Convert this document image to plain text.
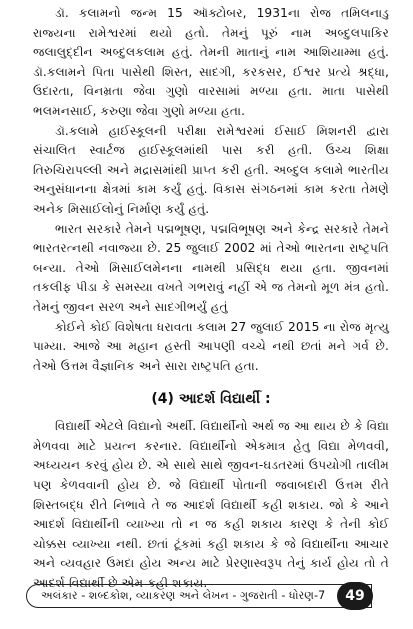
ડૉ. કલામનો જન્મ 15 ઑક્ટોબર, 1931ના રોજ તમિલનાડુ રાજ્યના રામેશ્વરમાં થયો હતો. તેમનું પૂરું નામ અબ્દુલપાકિર જલાલુદ્દીન અબ્દુલકલામ હતું. તેમની માતાનું નામ આશિયામ્મા હતું. ડૉ.કલામને પિતા પાસેથી શિસ્ત, સાદગી, કરકસર, ઈશ્વર પ્રત્યે શ્રદ્ધા, ઉદારતા, વિનમ્રતા જેવા ગુણો વારસામાં મળ્યા હતા. માતા પાસેથી ભલમનસાઈ, કરુણા જેવા ગુણો મળ્યા હતા.

ડૉ.કલામે હાઈસ્કૂલની પરીક્ષા રામેશ્વરમાં ઈસાઈ મિશનરી દ્વારા સંચાલિત સ્વાર્ટજ હાઈસ્કૂલમાંથી પાસ કરી હતી. ઉચ્ચ શિક્ષા તિરુચિરાપલ્લી અને મદ્રાસમાંથી પ્રાપ્ત કરી હતી. અબ્દુલ કલામે ભારતીય અનુસંધાનના ક્ષેત્રમાં કામ કર્યું હતું. વિકાસ સંગઠનમાં કામ કરતા તેમણે અનેક મિસાઈલોનું નિર્માણ કર્યું હતું.

ભારત સરકારે તેમને પદ્મભૂષણ, પદ્મવિભૂષણ અને કેન્દ્ર સરકારે તેમને ભારતરત્નથી નવાજ્યા છે. 25 જુલાઈ 2002 માં તેઓ ભારતના રાષ્ટ્રપતિ બન્યા. તેઓ મિસાઈલમેનના નામથી પ્રસિદ્ધ થયા હતા. જીવનમાં તકલીફ પીડા કે સમસ્યા વખતે ગભરાવું નહીં એ જ તેમનો મૂળ મંત્ર હતો. તેમનું જીવન સરળ અને સાદગીભર્યું હતું

કોઈને કોઈ વિશેષતા ધરાવતા કલામ 27 જુલાઈ 2015 ના રોજ મૃત્યુ પામ્યા. આજે આ મહાન હસ્તી આપણી વચ્ચે નથી છતાં મને ગર્વ છે. તેઓ ઉત્તમ વૈજ્ઞાનિક અને સારા રાષ્ટ્રપતિ હતા.

(4) આદર્શ વિદ્યાર્થી :

વિદ્યાર્થી એટલે વિદ્યાનો અર્થી. વિદ્યાર્થીનો અર્થ જ આ થાય છે કે વિદ્યા મેળવવા માટે પ્રયત્ન કરનાર. વિદ્યાર્થીનો એકમાત્ર હેતુ વિદ્યા મેળવવી, અધ્યયન કરવું હોય છે. એ સાથે સાથે જીવન-ઘડતરમાં ઉપયોગી તાલીમ પણ કેળવવાની હોય છે. જે વિદ્યાર્થી પોતાની જવાબદારી ઉત્તમ રીતે શિસ્તબદ્ધ રીતે નિભાવે તે જ આદર્શ વિદ્યાર્થી કહી શકાય. જો કે આને આદર્શ વિદ્યાર્થીની વ્યાખ્યા તો ન જ કહી શકાય કારણ કે તેની કોઈ ચોક્કસ વ્યાખ્યા નથી. છતાં ટૂંકમાં કહી શકાય કે જે વિદ્યાર્થીના આચાર અને વ્યવહાર ઉમદા હોય અન્ય માટે પ્રેરણાસ્વરૂપ તેનું કાર્ય હોય તો તે આદર્શ વિદ્યાર્થી છે એમ કહી શકાય.

અલંકાર - શબ્દકોશ, વ્યાકરણ અને લેખન - ગુજરાતી - ધોરણ-7 49
